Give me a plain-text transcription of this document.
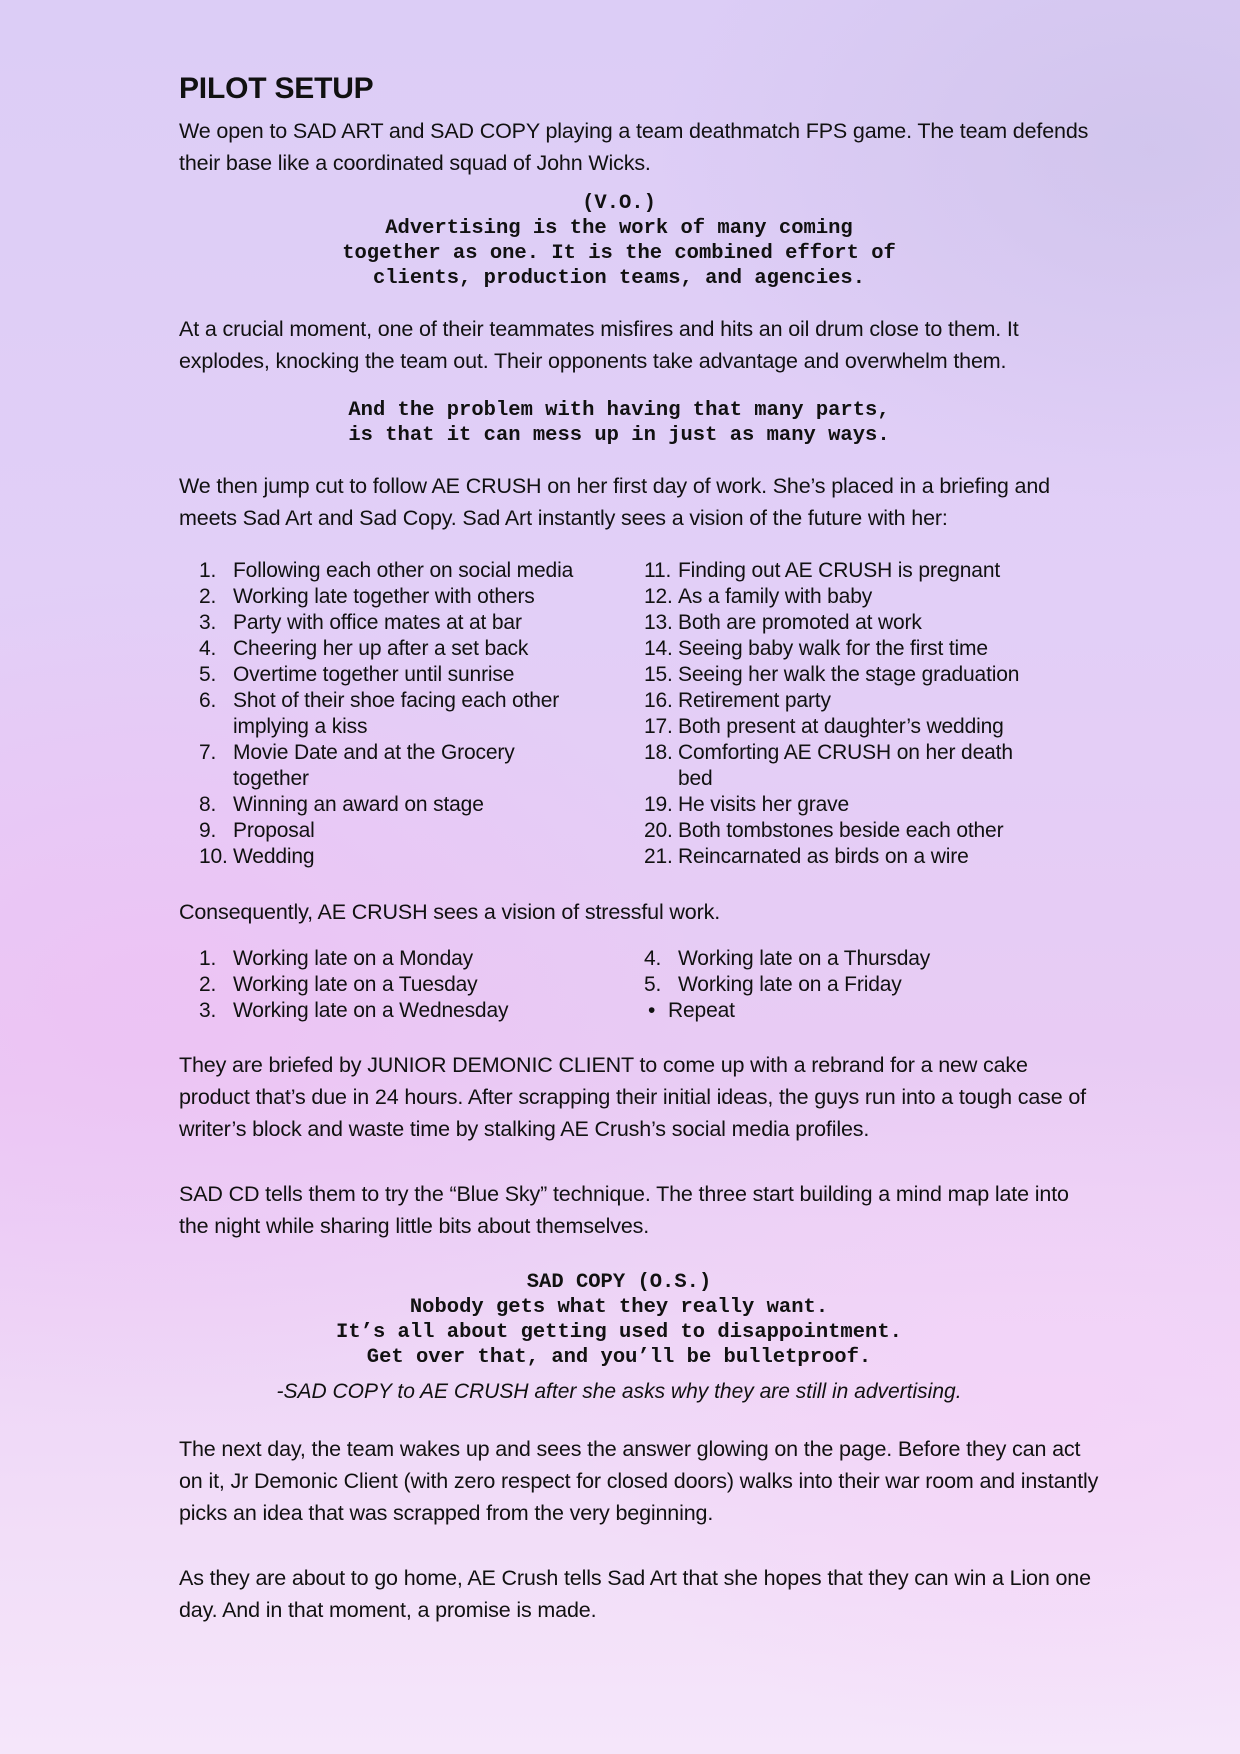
PILOT SETUP

We open to SAD ART and SAD COPY playing a team deathmatch FPS game. The team defends their base like a coordinated squad of John Wicks.

(V.O.)

Advertising is the work of many coming
together as one. It is the combined effort of
clients, production teams, and agencies.

At a crucial moment, one of their teammates misfires and hits an oil drum close to them. It explodes, knocking the team out. Their opponents take advantage and overwhelm them.

And the problem with having that many parts,
is that it can mess up in just as many ways.

We then jump cut to follow AE CRUSH on her first day of work. She’s placed in a briefing and meets Sad Art and Sad Copy. Sad Art instantly sees a vision of the future with her:

1. Following each other on social media
2. Working late together with others
3. Party with office mates at at bar
4. Cheering her up after a set back
5. Overtime together until sunrise
6. Shot of their shoe facing each other implying a kiss
7. Movie Date and at the Grocery together
8. Winning an award on stage
9. Proposal
10. Wedding
11. Finding out AE CRUSH is pregnant
12. As a family with baby
13. Both are promoted at work
14. Seeing baby walk for the first time
15. Seeing her walk the stage graduation
16. Retirement party
17. Both present at daughter’s wedding
18. Comforting AE CRUSH on her death bed
19. He visits her grave
20. Both tombstones beside each other
21. Reincarnated as birds on a wire

Consequently, AE CRUSH sees a vision of stressful work.

1. Working late on a Monday
2. Working late on a Tuesday
3. Working late on a Wednesday
4. Working late on a Thursday
5. Working late on a Friday
• Repeat

They are briefed by JUNIOR DEMONIC CLIENT to come up with a rebrand for a new cake product that’s due in 24 hours. After scrapping their initial ideas, the guys run into a tough case of writer’s block and waste time by stalking AE Crush’s social media profiles.

SAD CD tells them to try the “Blue Sky” technique. The three start building a mind map late into the night while sharing little bits about themselves.

SAD COPY (O.S.)

Nobody gets what they really want.
It’s all about getting used to disappointment.
Get over that, and you’ll be bulletproof.

-SAD COPY to AE CRUSH after she asks why they are still in advertising.

The next day, the team wakes up and sees the answer glowing on the page. Before they can act on it, Jr Demonic Client (with zero respect for closed doors) walks into their war room and instantly picks an idea that was scrapped from the very beginning.

As they are about to go home, AE Crush tells Sad Art that she hopes that they can win a Lion one day. And in that moment, a promise is made.
